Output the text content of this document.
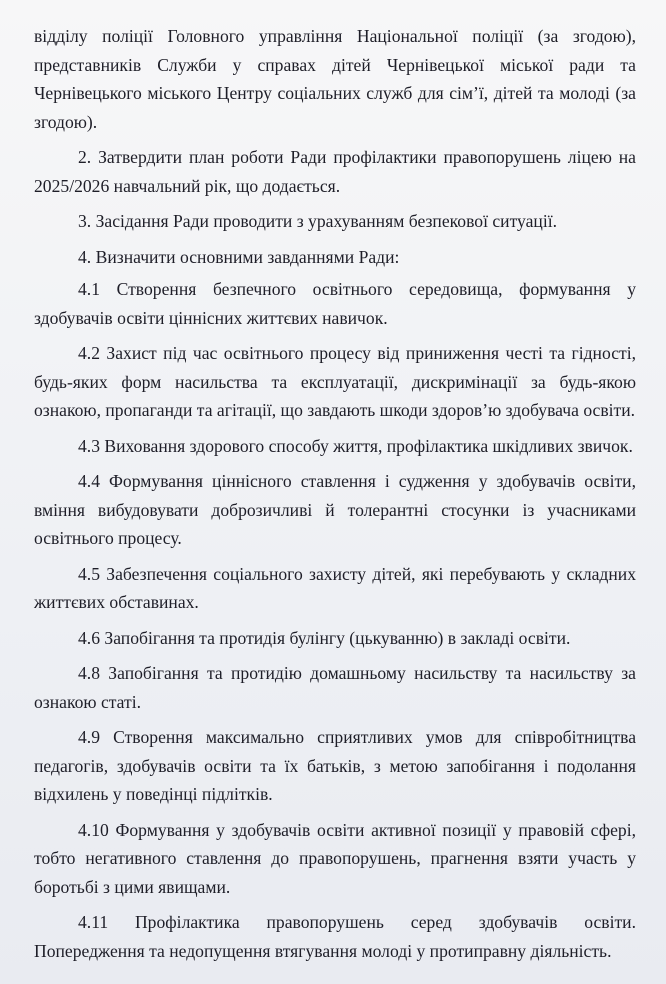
відділу поліції Головного управління Національної поліції (за згодою), представників Служби у справах дітей Чернівецької міської ради та Чернівецького міського Центру соціальних служб для сім’ї, дітей та молоді (за згодою).

2. Затвердити план роботи Ради профілактики правопорушень ліцею на 2025/2026 навчальний рік, що додається.

3. Засідання Ради проводити з урахуванням безпекової ситуації.

4. Визначити основними завданнями Ради:

4.1 Створення безпечного освітнього середовища, формування у здобувачів освіти ціннісних життєвих навичок.

4.2 Захист під час освітнього процесу від приниження честі та гідності, будь-яких форм насильства та експлуатації, дискримінації за будь-якою ознакою, пропаганди та агітації, що завдають шкоди здоров’ю здобувача освіти.

4.3 Виховання здорового способу життя, профілактика шкідливих звичок.

4.4 Формування ціннісного ставлення і судження у здобувачів освіти, вміння вибудовувати доброзичливі й толерантні стосунки із учасниками освітнього процесу.

4.5 Забезпечення соціального захисту дітей, які перебувають у складних життєвих обставинах.

4.6 Запобігання та протидія булінгу (цькуванню) в закладі освіти.

4.8 Запобігання та протидію домашньому насильству та насильству за ознакою статі.

4.9 Створення максимально сприятливих умов для співробітництва педагогів, здобувачів освіти та їх батьків, з метою запобігання і подолання відхилень у поведінці підлітків.

4.10 Формування у здобувачів освіти активної позиції у правовій сфері, тобто негативного ставлення до правопорушень, прагнення взяти участь у боротьбі з цими явищами.

4.11 Профілактика правопорушень серед здобувачів освіти. Попередження та недопущення втягування молоді у протиправну діяльність.
